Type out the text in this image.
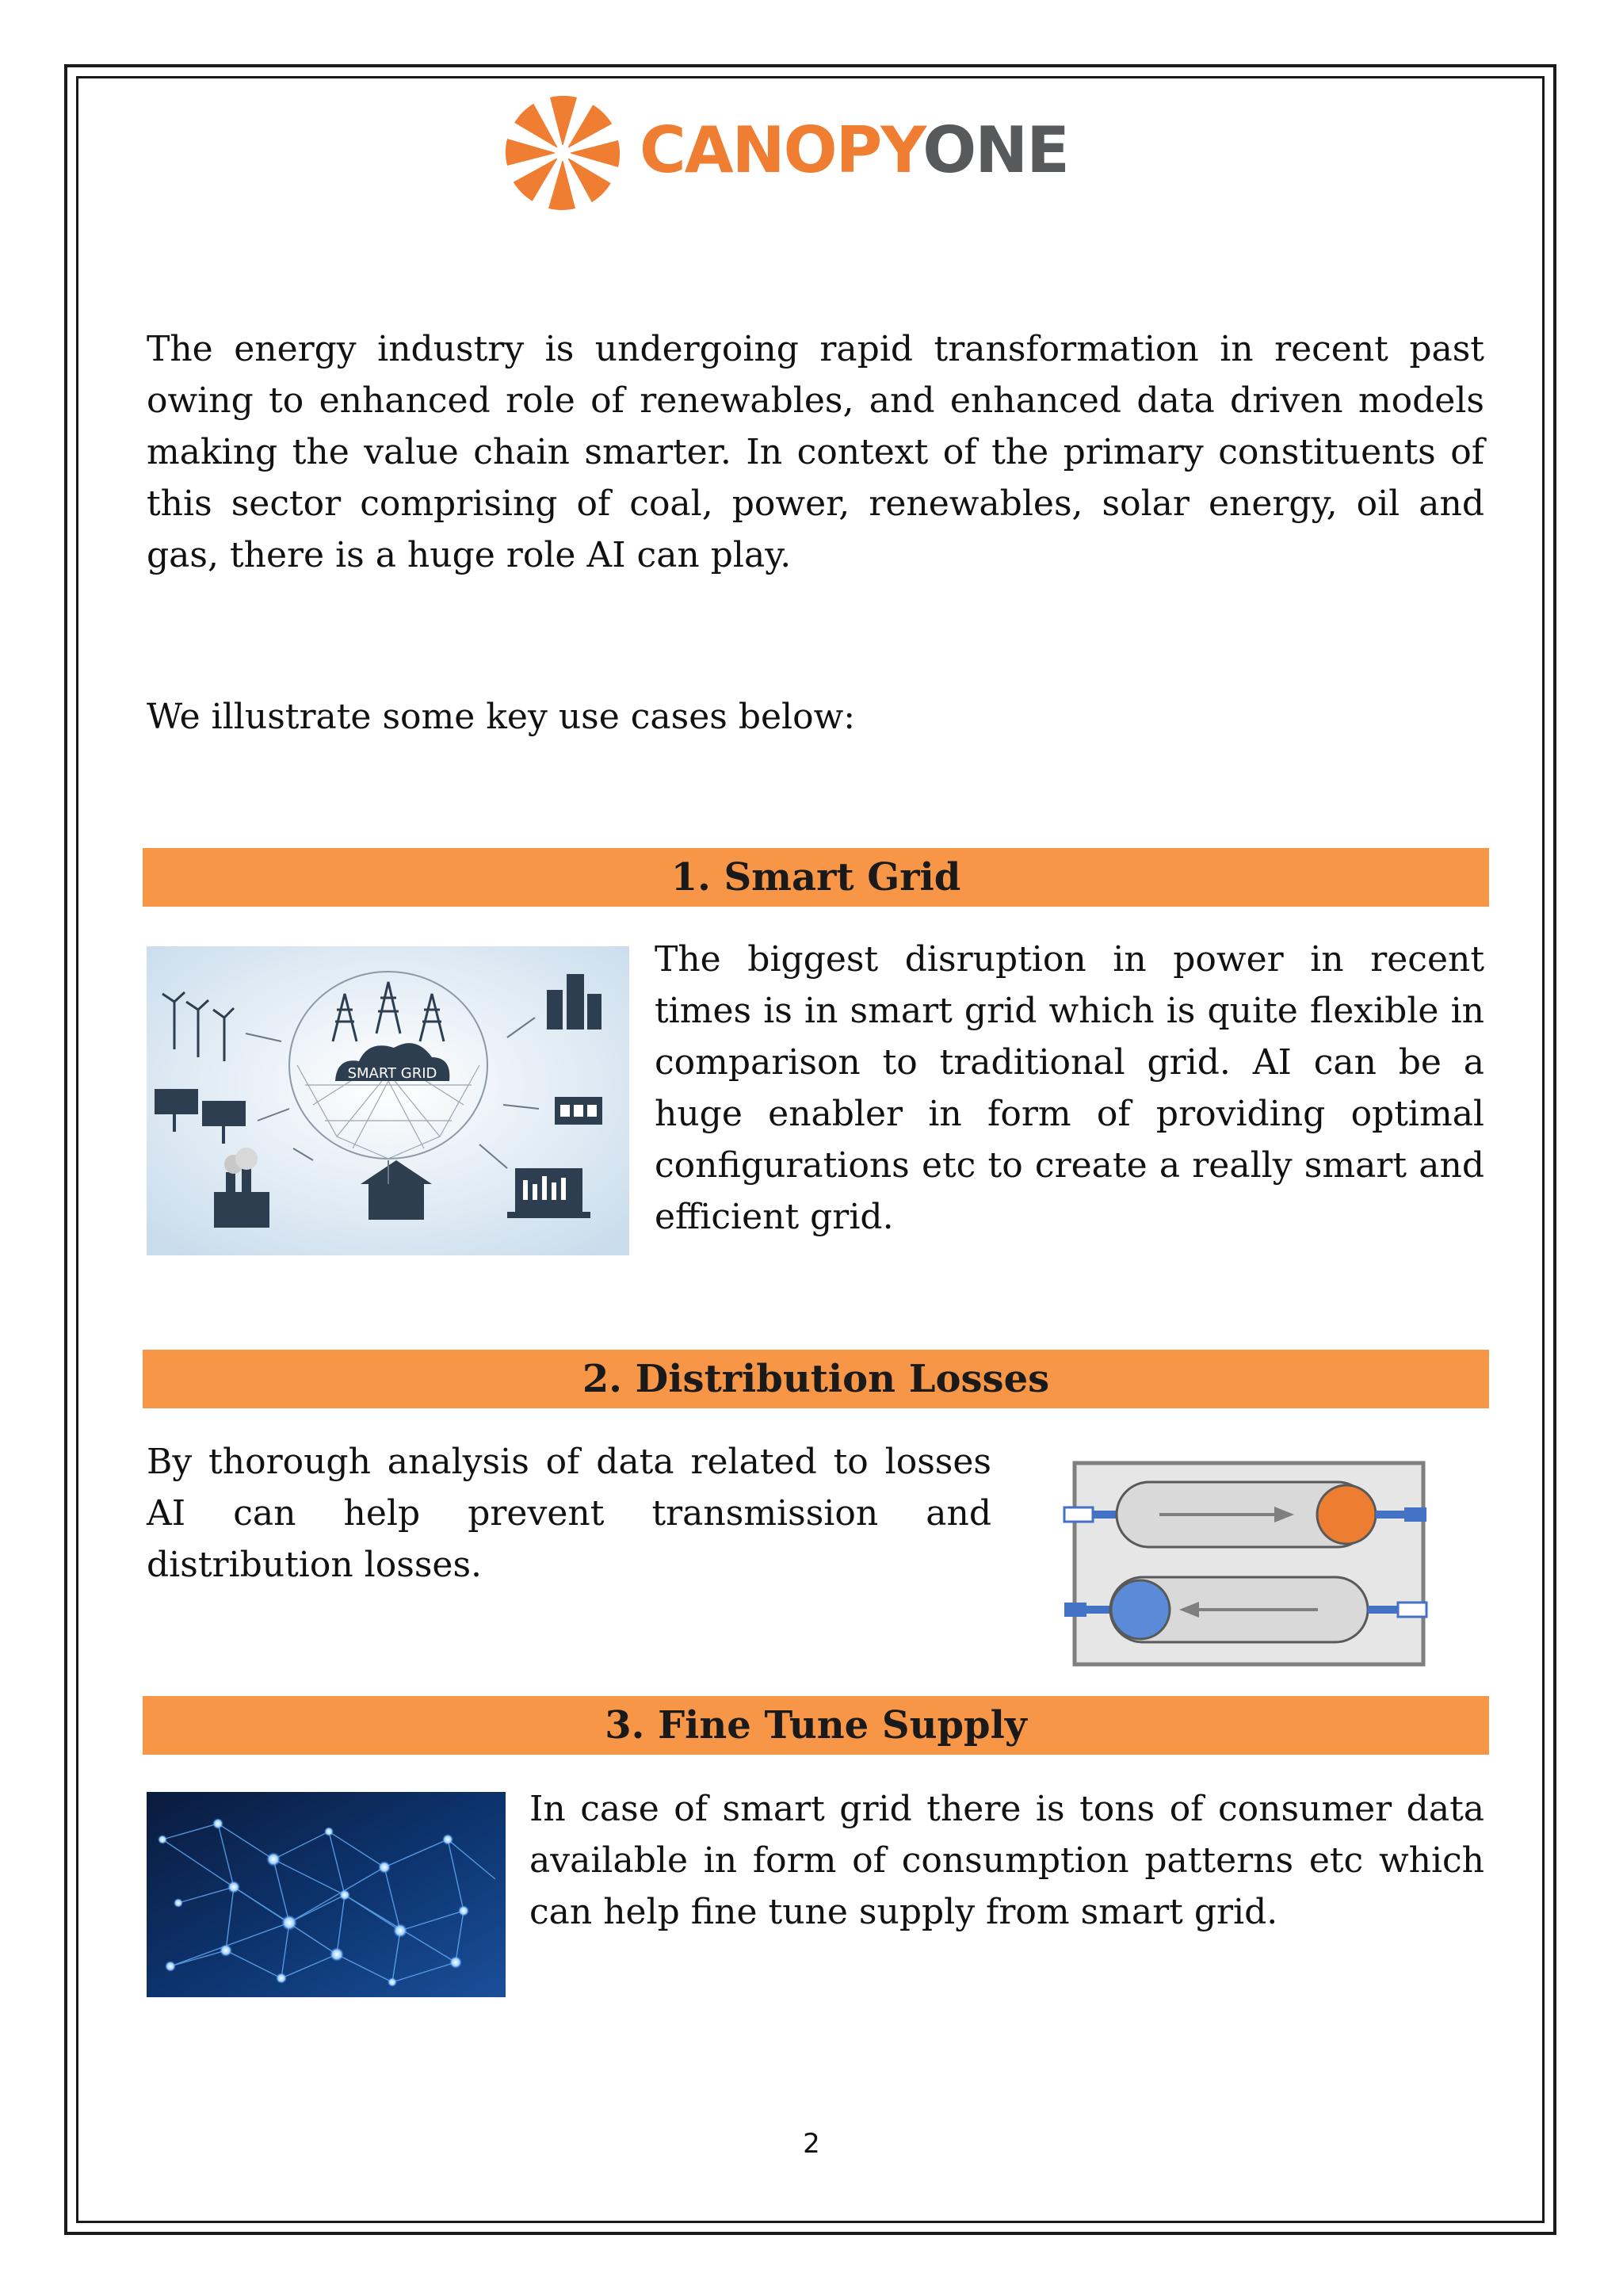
CANOPYONE

The energy industry is undergoing rapid transformation in recent past owing to enhanced role of renewables, and enhanced data driven models making the value chain smarter. In context of the primary constituents of this sector comprising of coal, power, renewables, solar energy, oil and gas, there is a huge role AI can play.

We illustrate some key use cases below:

1. Smart Grid
SMART GRID

The biggest disruption in power in recent times is in smart grid which is quite flexible in comparison to traditional grid. AI can be a huge enabler in form of providing optimal configurations etc to create a really smart and efficient grid.

2. Distribution Losses

By thorough analysis of data related to losses AI can help prevent transmission and distribution losses.

3. Fine Tune Supply

In case of smart grid there is tons of consumer data available in form of consumption patterns etc which can help fine tune supply from smart grid.

2
